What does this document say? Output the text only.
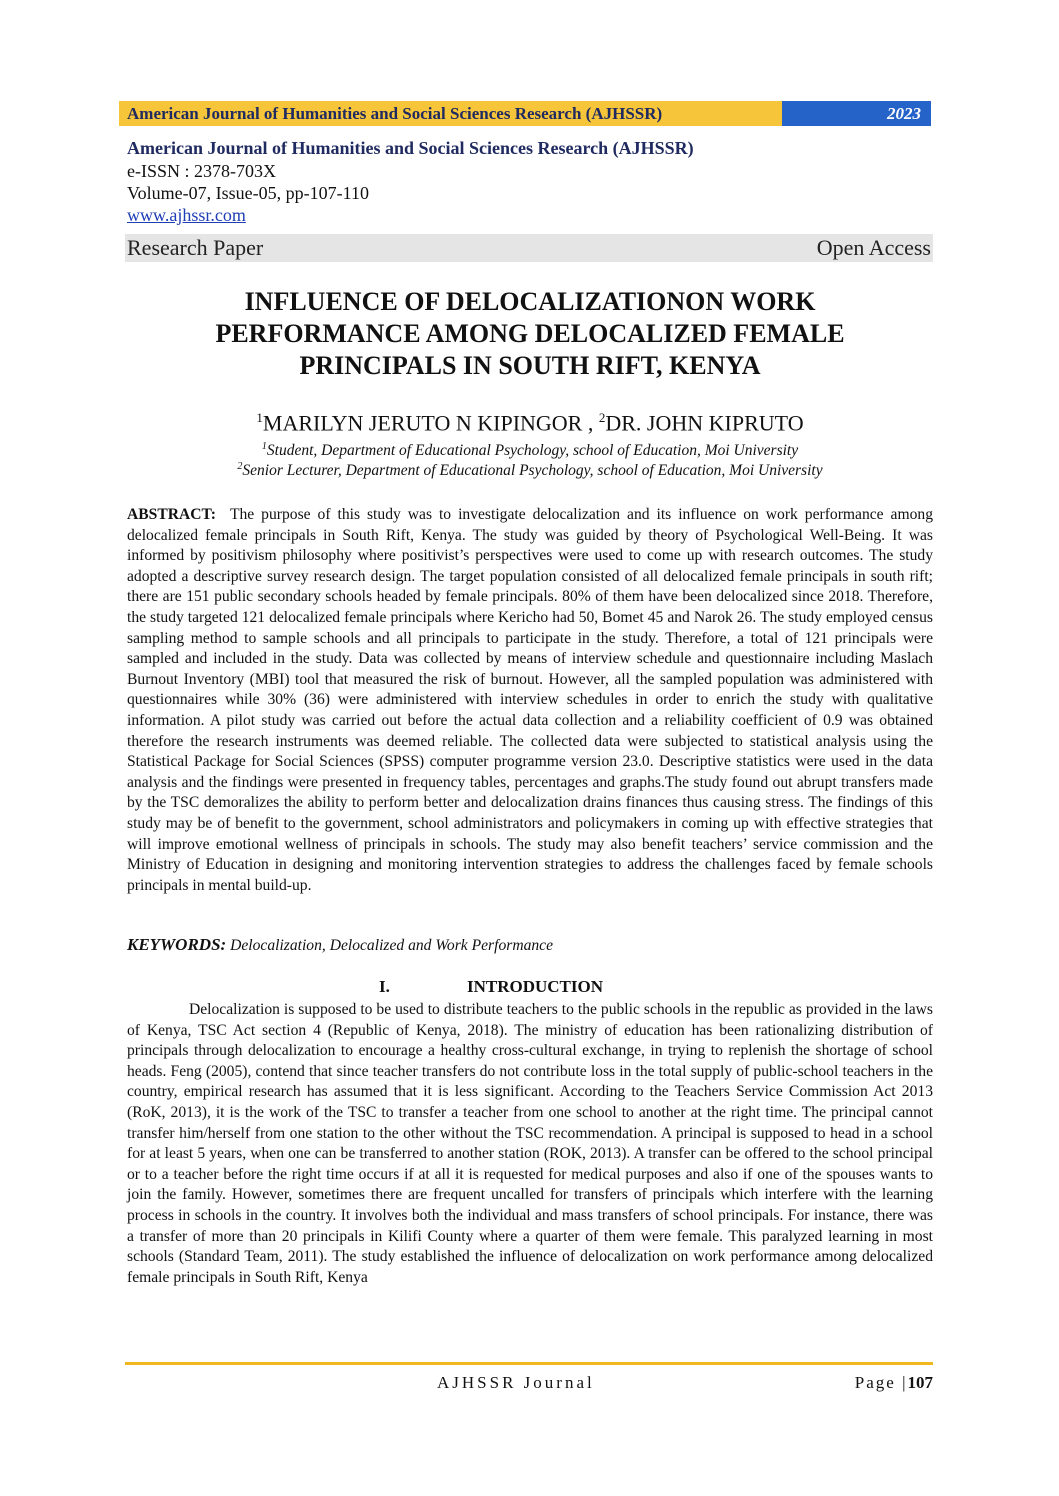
American Journal of Humanities and Social Sciences Research (AJHSSR)	2023
American Journal of Humanities and Social Sciences Research (AJHSSR)
e-ISSN : 2378-703X
Volume-07, Issue-05, pp-107-110
www.ajhssr.com
Research Paper	Open Access
INFLUENCE OF DELOCALIZATIONON WORK
PERFORMANCE AMONG DELOCALIZED FEMALE
PRINCIPALS IN SOUTH RIFT, KENYA
$^1$MARILYN JERUTO N KIPINGOR , $^2$DR. JOHN KIPRUTO
$^1$Student, Department of Educational Psychology, school of Education, Moi University
$^2$Senior Lecturer, Department of Educational Psychology, school of Education, Moi University

ABSTRACT: The purpose of this study was to investigate delocalization and its influence on work performance among delocalized female principals in South Rift, Kenya. The study was guided by theory of Psychological Well-Being. It was informed by positivism philosophy where positivist’s perspectives were used to come up with research outcomes. The study adopted a descriptive survey research design. The target population consisted of all delocalized female principals in south rift; there are 151 public secondary schools headed by female principals. 80% of them have been delocalized since 2018. Therefore, the study targeted 121 delocalized female principals where Kericho had 50, Bomet 45 and Narok 26. The study employed census sampling method to sample schools and all principals to participate in the study. Therefore, a total of 121 principals were sampled and included in the study. Data was collected by means of interview schedule and questionnaire including Maslach Burnout Inventory (MBI) tool that measured the risk of burnout. However, all the sampled population was administered with questionnaires while 30% (36) were administered with interview schedules in order to enrich the study with qualitative information. A pilot study was carried out before the actual data collection and a reliability coefficient of 0.9 was obtained therefore the research instruments was deemed reliable. The collected data were subjected to statistical analysis using the Statistical Package for Social Sciences (SPSS) computer programme version 23.0. Descriptive statistics were used in the data analysis and the findings were presented in frequency tables, percentages and graphs.The study found out abrupt transfers made by the TSC demoralizes the ability to perform better and delocalization drains finances thus causing stress. The findings of this study may be of benefit to the government, school administrators and policymakers in coming up with effective strategies that will improve emotional wellness of principals in schools. The study may also benefit teachers’ service commission and the Ministry of Education in designing and monitoring intervention strategies to address the challenges faced by female schools principals in mental build-up.

KEYWORDS: Delocalization, Delocalized and Work Performance
I.	INTRODUCTION

Delocalization is supposed to be used to distribute teachers to the public schools in the republic as provided in the laws of Kenya, TSC Act section 4 (Republic of Kenya, 2018). The ministry of education has been rationalizing distribution of principals through delocalization to encourage a healthy cross-cultural exchange, in trying to replenish the shortage of school heads. Feng (2005), contend that since teacher transfers do not contribute loss in the total supply of public-school teachers in the country, empirical research has assumed that it is less significant. According to the Teachers Service Commission Act 2013 (RoK, 2013), it is the work of the TSC to transfer a teacher from one school to another at the right time. The principal cannot transfer him/herself from one station to the other without the TSC recommendation. A principal is supposed to head in a school for at least 5 years, when one can be transferred to another station (ROK, 2013). A transfer can be offered to the school principal or to a teacher before the right time occurs if at all it is requested for medical purposes and also if one of the spouses wants to join the family. However, sometimes there are frequent uncalled for transfers of principals which interfere with the learning process in schools in the country. It involves both the individual and mass transfers of school principals. For instance, there was a transfer of more than 20 principals in Kilifi County where a quarter of them were female. This paralyzed learning in most schools (Standard Team, 2011). The study established the influence of delocalization on work performance among delocalized female principals in South Rift, Kenya

AJHSSR Journal	Page |107
